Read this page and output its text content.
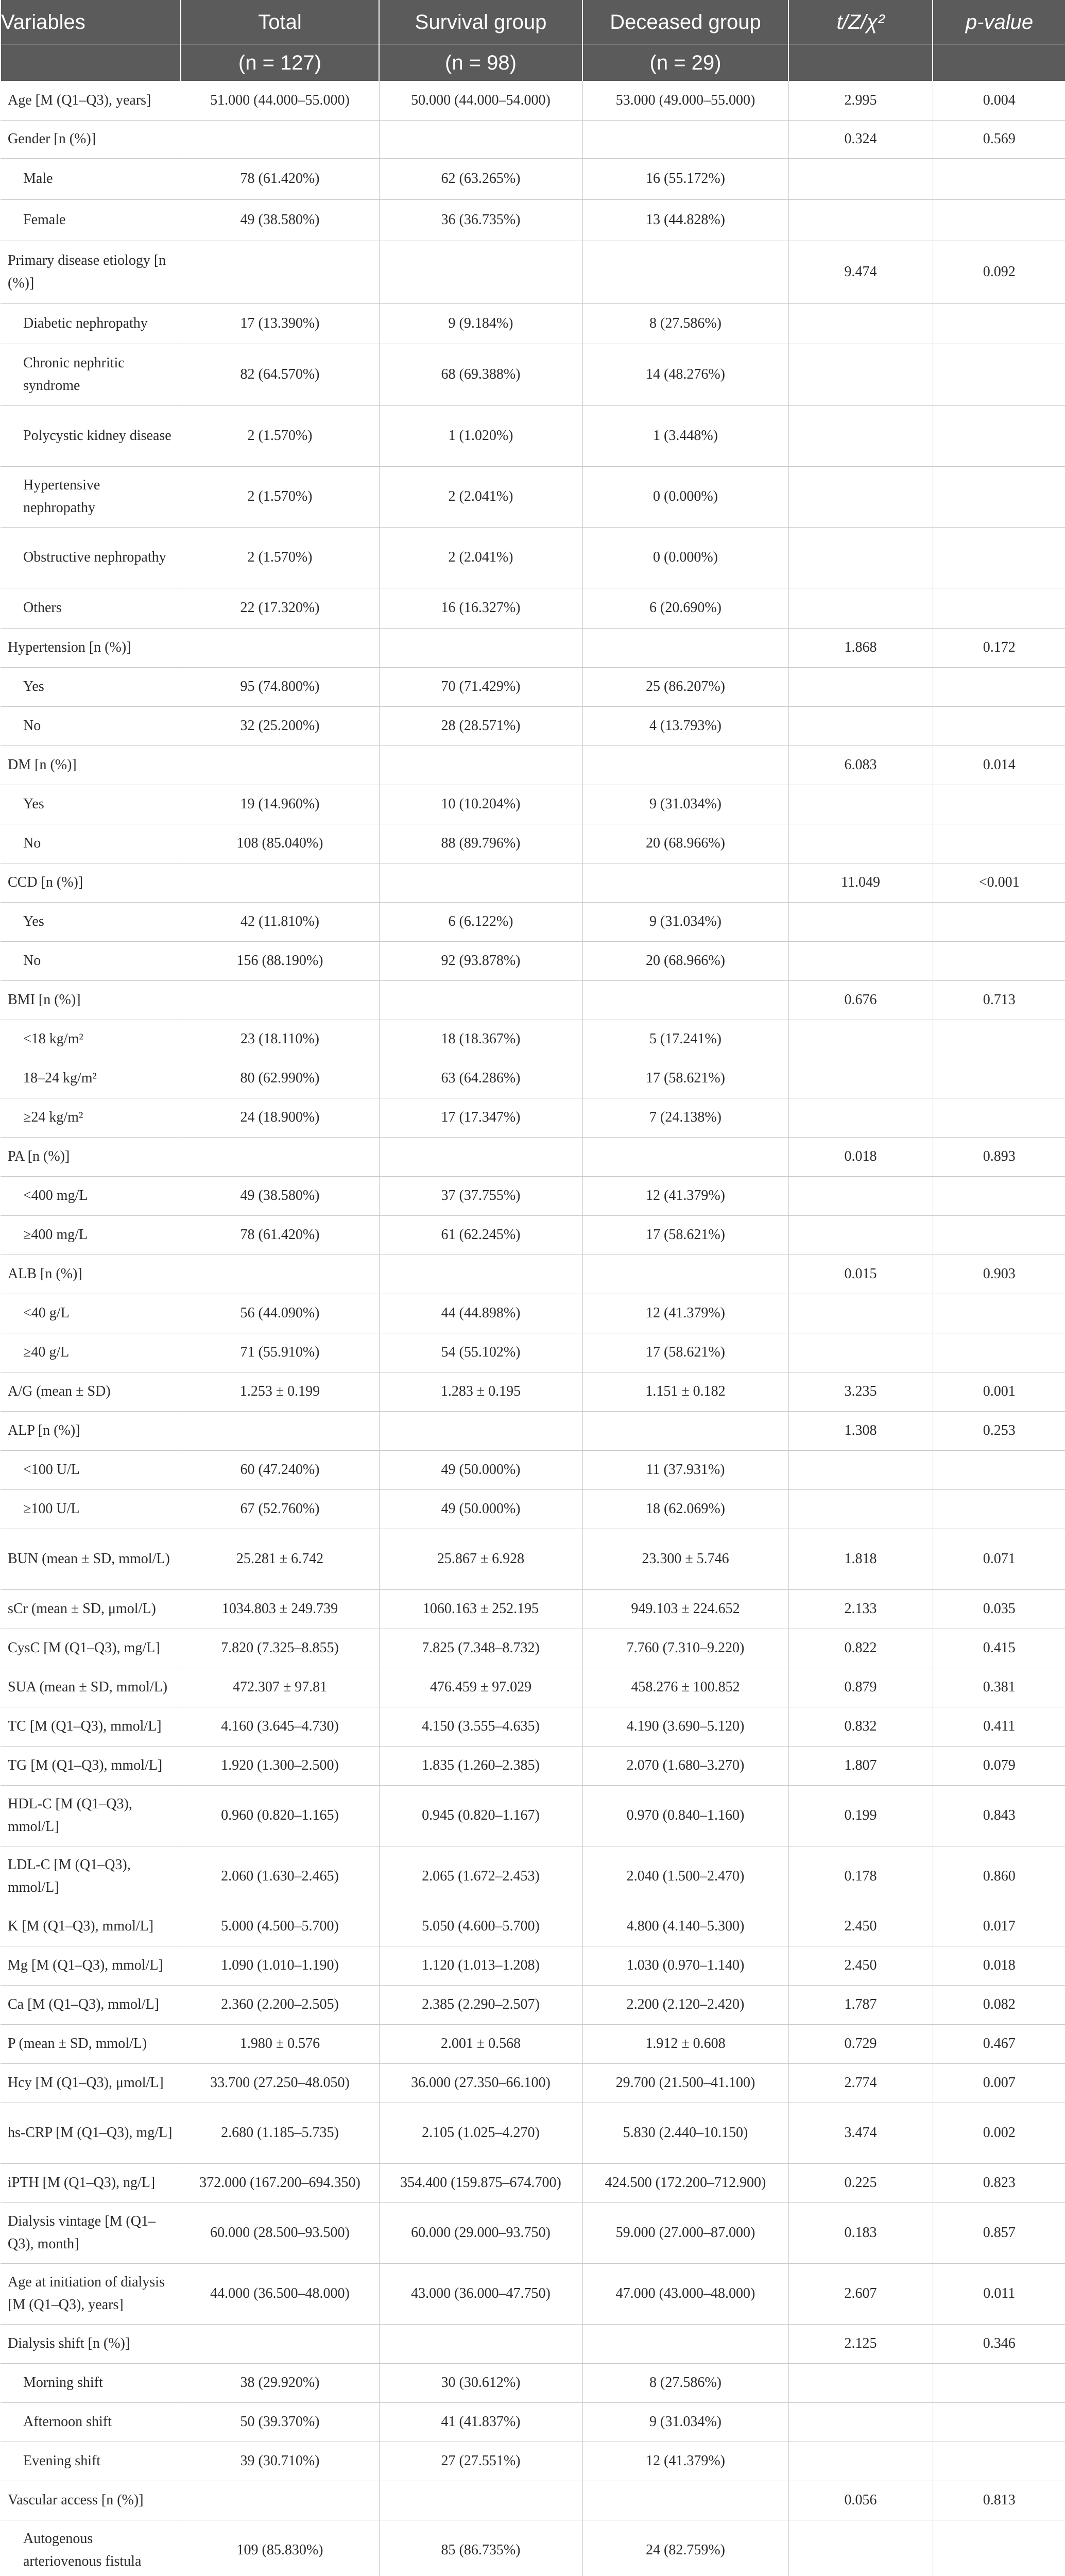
Variables	Total	Survival group	Deceased group	t/Z/χ²	p-value
	(n = 127)	(n = 98)	(n = 29)		
Age [M (Q1–Q3), years]	51.000 (44.000–55.000)	50.000 (44.000–54.000)	53.000 (49.000–55.000)	2.995	0.004
Gender [n (%)]				0.324	0.569
Male	78 (61.420%)	62 (63.265%)	16 (55.172%)		
Female	49 (38.580%)	36 (36.735%)	13 (44.828%)		
Primary disease etiology [n (%)]				9.474	0.092
Diabetic nephropathy	17 (13.390%)	9 (9.184%)	8 (27.586%)		
Chronic nephritic syndrome	82 (64.570%)	68 (69.388%)	14 (48.276%)		
Polycystic kidney disease	2 (1.570%)	1 (1.020%)	1 (3.448%)		
Hypertensive nephropathy	2 (1.570%)	2 (2.041%)	0 (0.000%)		
Obstructive nephropathy	2 (1.570%)	2 (2.041%)	0 (0.000%)		
Others	22 (17.320%)	16 (16.327%)	6 (20.690%)		
Hypertension [n (%)]				1.868	0.172
Yes	95 (74.800%)	70 (71.429%)	25 (86.207%)		
No	32 (25.200%)	28 (28.571%)	4 (13.793%)		
DM [n (%)]				6.083	0.014
Yes	19 (14.960%)	10 (10.204%)	9 (31.034%)		
No	108 (85.040%)	88 (89.796%)	20 (68.966%)		
CCD [n (%)]				11.049	<0.001
Yes	42 (11.810%)	6 (6.122%)	9 (31.034%)		
No	156 (88.190%)	92 (93.878%)	20 (68.966%)		
BMI [n (%)]				0.676	0.713
<18 kg/m²	23 (18.110%)	18 (18.367%)	5 (17.241%)		
18–24 kg/m²	80 (62.990%)	63 (64.286%)	17 (58.621%)		
≥24 kg/m²	24 (18.900%)	17 (17.347%)	7 (24.138%)		
PA [n (%)]				0.018	0.893
<400 mg/L	49 (38.580%)	37 (37.755%)	12 (41.379%)		
≥400 mg/L	78 (61.420%)	61 (62.245%)	17 (58.621%)		
ALB [n (%)]				0.015	0.903
<40 g/L	56 (44.090%)	44 (44.898%)	12 (41.379%)		
≥40 g/L	71 (55.910%)	54 (55.102%)	17 (58.621%)		
A/G (mean ± SD)	1.253 ± 0.199	1.283 ± 0.195	1.151 ± 0.182	3.235	0.001
ALP [n (%)]				1.308	0.253
<100 U/L	60 (47.240%)	49 (50.000%)	11 (37.931%)		
≥100 U/L	67 (52.760%)	49 (50.000%)	18 (62.069%)		
BUN (mean ± SD, mmol/L)	25.281 ± 6.742	25.867 ± 6.928	23.300 ± 5.746	1.818	0.071
sCr (mean ± SD, μmol/L)	1034.803 ± 249.739	1060.163 ± 252.195	949.103 ± 224.652	2.133	0.035
CysC [M (Q1–Q3), mg/L]	7.820 (7.325–8.855)	7.825 (7.348–8.732)	7.760 (7.310–9.220)	0.822	0.415
SUA (mean ± SD, mmol/L)	472.307 ± 97.81	476.459 ± 97.029	458.276 ± 100.852	0.879	0.381
TC [M (Q1–Q3), mmol/L]	4.160 (3.645–4.730)	4.150 (3.555–4.635)	4.190 (3.690–5.120)	0.832	0.411
TG [M (Q1–Q3), mmol/L]	1.920 (1.300–2.500)	1.835 (1.260–2.385)	2.070 (1.680–3.270)	1.807	0.079
HDL-C [M (Q1–Q3), mmol/L]	0.960 (0.820–1.165)	0.945 (0.820–1.167)	0.970 (0.840–1.160)	0.199	0.843
LDL-C [M (Q1–Q3), mmol/L]	2.060 (1.630–2.465)	2.065 (1.672–2.453)	2.040 (1.500–2.470)	0.178	0.860
K [M (Q1–Q3), mmol/L]	5.000 (4.500–5.700)	5.050 (4.600–5.700)	4.800 (4.140–5.300)	2.450	0.017
Mg [M (Q1–Q3), mmol/L]	1.090 (1.010–1.190)	1.120 (1.013–1.208)	1.030 (0.970–1.140)	2.450	0.018
Ca [M (Q1–Q3), mmol/L]	2.360 (2.200–2.505)	2.385 (2.290–2.507)	2.200 (2.120–2.420)	1.787	0.082
P (mean ± SD, mmol/L)	1.980 ± 0.576	2.001 ± 0.568	1.912 ± 0.608	0.729	0.467
Hcy [M (Q1–Q3), μmol/L]	33.700 (27.250–48.050)	36.000 (27.350–66.100)	29.700 (21.500–41.100)	2.774	0.007
hs-CRP [M (Q1–Q3), mg/L]	2.680 (1.185–5.735)	2.105 (1.025–4.270)	5.830 (2.440–10.150)	3.474	0.002
iPTH [M (Q1–Q3), ng/L]	372.000 (167.200–694.350)	354.400 (159.875–674.700)	424.500 (172.200–712.900)	0.225	0.823
Dialysis vintage [M (Q1–Q3), month]	60.000 (28.500–93.500)	60.000 (29.000–93.750)	59.000 (27.000–87.000)	0.183	0.857
Age at initiation of dialysis [M (Q1–Q3), years]	44.000 (36.500–48.000)	43.000 (36.000–47.750)	47.000 (43.000–48.000)	2.607	0.011
Dialysis shift [n (%)]				2.125	0.346
Morning shift	38 (29.920%)	30 (30.612%)	8 (27.586%)		
Afternoon shift	50 (39.370%)	41 (41.837%)	9 (31.034%)		
Evening shift	39 (30.710%)	27 (27.551%)	12 (41.379%)		
Vascular access [n (%)]				0.056	0.813
Autogenous arteriovenous fistula	109 (85.830%)	85 (86.735%)	24 (82.759%)		
